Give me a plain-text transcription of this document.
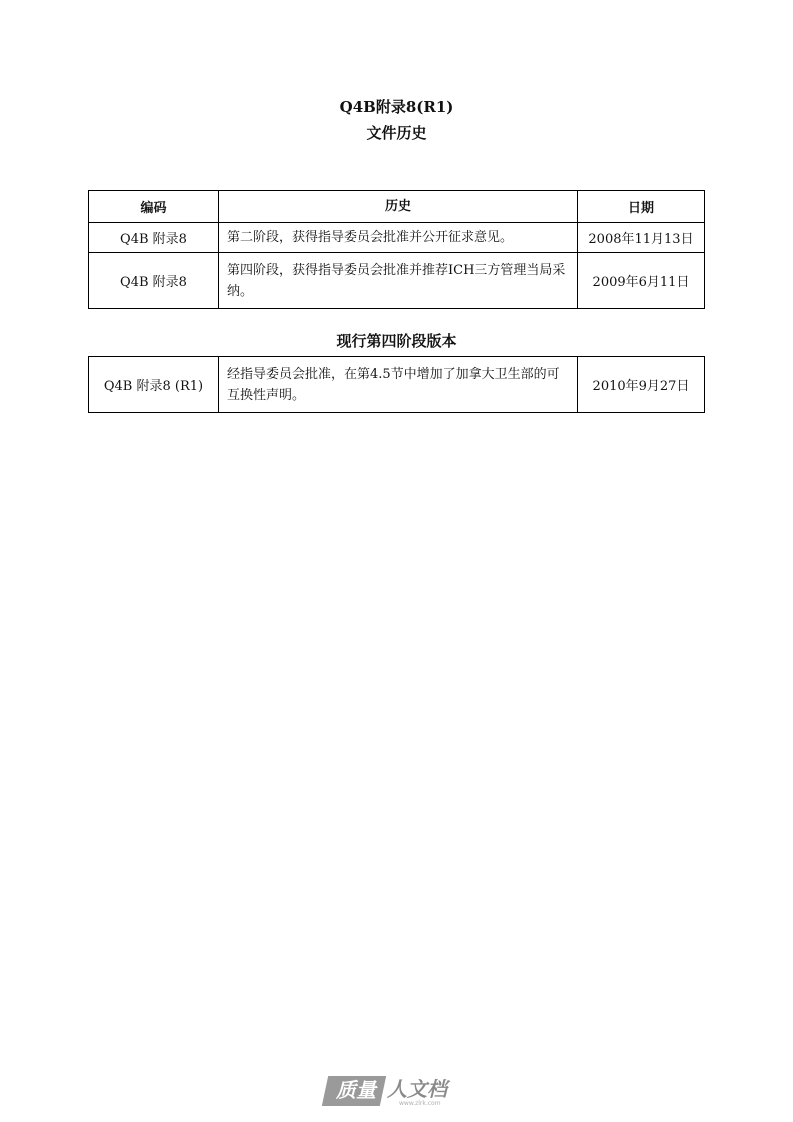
Q4B附录8(R1)
文件历史
编码	历史	日期
Q4B 附录8	第二阶段，获得指导委员会批准并公开征求意见。	2008年11月13日
Q4B 附录8	第四阶段，获得指导委员会批准并推荐ICH三方管理当局采纳。	2009年6月11日
现行第四阶段版本
Q4B 附录8 (R1)	经指导委员会批准，在第4.5节中增加了加拿大卫生部的可互换性声明。	2010年9月27日
质量 人文档
www.zlrk.com
